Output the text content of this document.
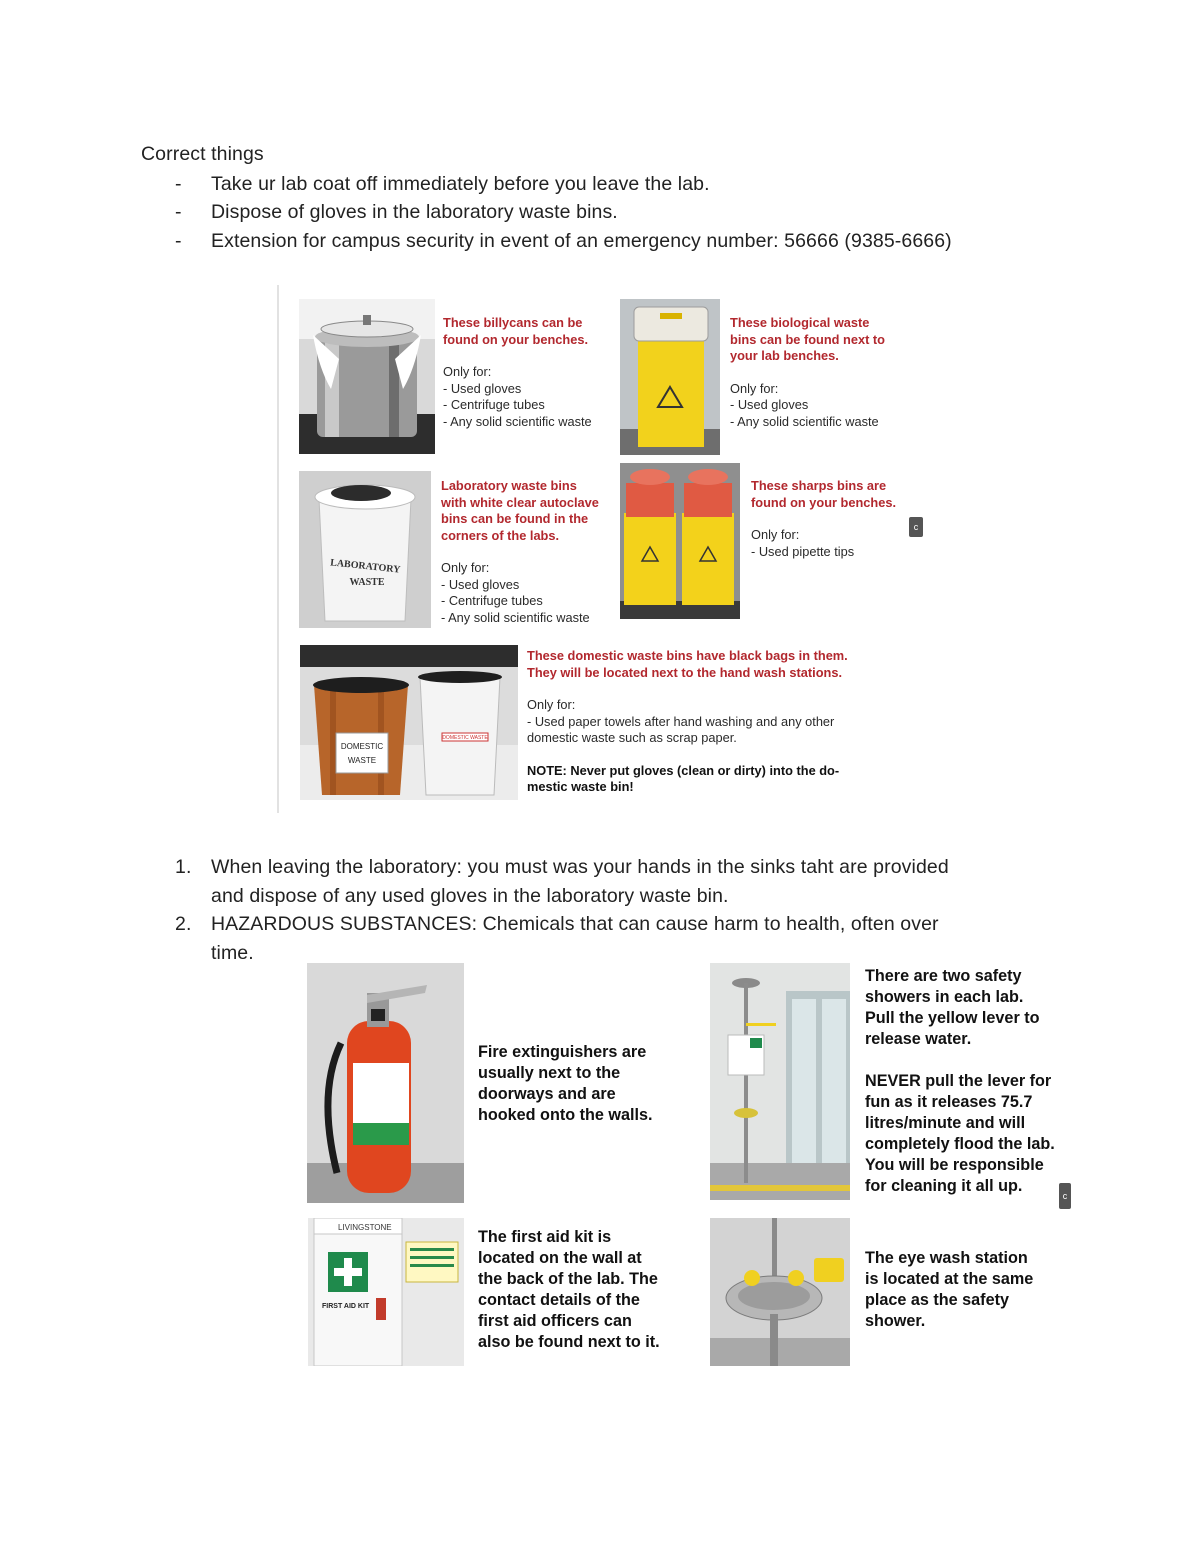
Correct things
- Take ur lab coat off immediately before you leave the lab.
- Dispose of gloves in the laboratory waste bins.
- Extension for campus security in event of an emergency number: 56666 (9385-6666)
These billycans can be
found on your benches.
Only for:
- Used gloves
- Centrifuge tubes
- Any solid scientific waste
These biological waste
bins can be found next to
your lab benches.
Only for:
- Used gloves
- Any solid scientific waste
LABORATORY
WASTE
Laboratory waste bins
with white clear autoclave
bins can be found in the
corners of the labs.
Only for:
- Used gloves
- Centrifuge tubes
- Any solid scientific waste
These sharps bins are
found on your benches.
Only for:
- Used pipette tips
c
DOMESTIC
WASTE
DOMESTIC WASTE
These domestic waste bins have black bags in them.
They will be located next to the hand wash stations.
Only for:
- Used paper towels after hand washing and any other
domestic waste such as scrap paper.
NOTE: Never put gloves (clean or dirty) into the do-
mestic waste bin!
1. When leaving the laboratory: you must was your hands in the sinks taht are provided
and dispose of any used gloves in the laboratory waste bin.
2. HAZARDOUS SUBSTANCES: Chemicals that can cause harm to health, often over
time.
Fire extinguishers are
usually next to the
doorways and are
hooked onto the walls.
There are two safety
showers in each lab.
Pull the yellow lever to
release water.
NEVER pull the lever for
fun as it releases 75.7
litres/minute and will
completely flood the lab.
You will be responsible
for cleaning it all up.
c
LIVINGSTONE
FIRST AID KIT
The first aid kit is
located on the wall at
the back of the lab. The
contact details of the
first aid officers can
also be found next to it.
The eye wash station
is located at the same
place as the safety
shower.
